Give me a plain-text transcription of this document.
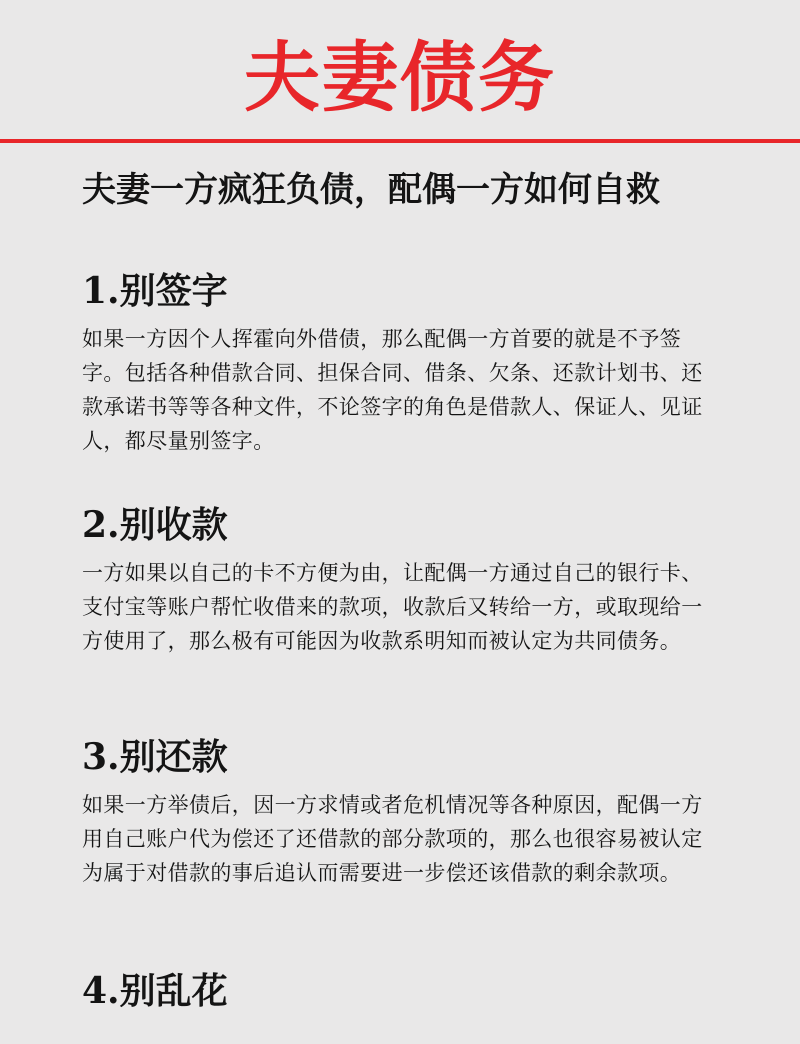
夫妻债务
夫妻一方疯狂负债，配偶一方如何自救
1.别签字
如果一方因个人挥霍向外借债，那么配偶一方首要的就是不予签字。包括各种借款合同、担保合同、借条、欠条、还款计划书、还款承诺书等等各种文件，不论签字的角色是借款人、保证人、见证人，都尽量别签字。
2.别收款
一方如果以自己的卡不方便为由，让配偶一方通过自己的银行卡、支付宝等账户帮忙收借来的款项，收款后又转给一方，或取现给一方使用了，那么极有可能因为收款系明知而被认定为共同债务。
3.别还款
如果一方举债后，因一方求情或者危机情况等各种原因，配偶一方用自己账户代为偿还了还借款的部分款项的，那么也很容易被认定为属于对借款的事后追认而需要进一步偿还该借款的剩余款项。
4.别乱花
